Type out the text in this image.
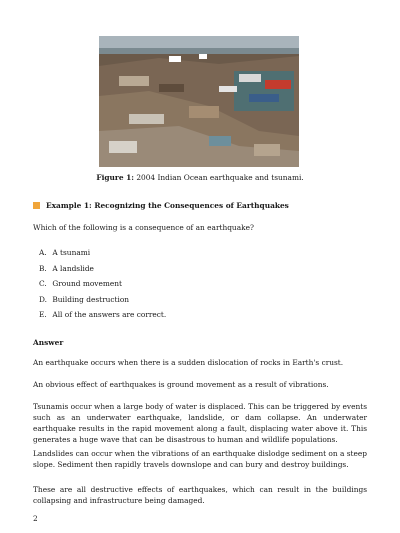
Figure 1: 2004 Indian Ocean earthquake and tsunami.
Example 1: Recognizing the Consequences of Earthquakes
Which of the following is a consequence of an earthquake?
A. A tsunami
B. A landslide
C. Ground movement
D. Building destruction
E. All of the answers are correct.
Answer
An earthquake occurs when there is a sudden dislocation of rocks in Earth's crust.
An obvious effect of earthquakes is ground movement as a result of vibrations.
Tsunamis occur when a large body of water is displaced. This can be triggered by events such as an underwater earthquake, landslide, or dam collapse. An underwater earthquake results in the rapid movement along a fault, displacing water above it. This generates a huge wave that can be disastrous to human and wildlife populations.
Landslides can occur when the vibrations of an earthquake dislodge sediment on a steep slope. Sediment then rapidly travels downslope and can bury and destroy buildings.
These are all destructive effects of earthquakes, which can result in the buildings collapsing and infrastructure being damaged.
2
